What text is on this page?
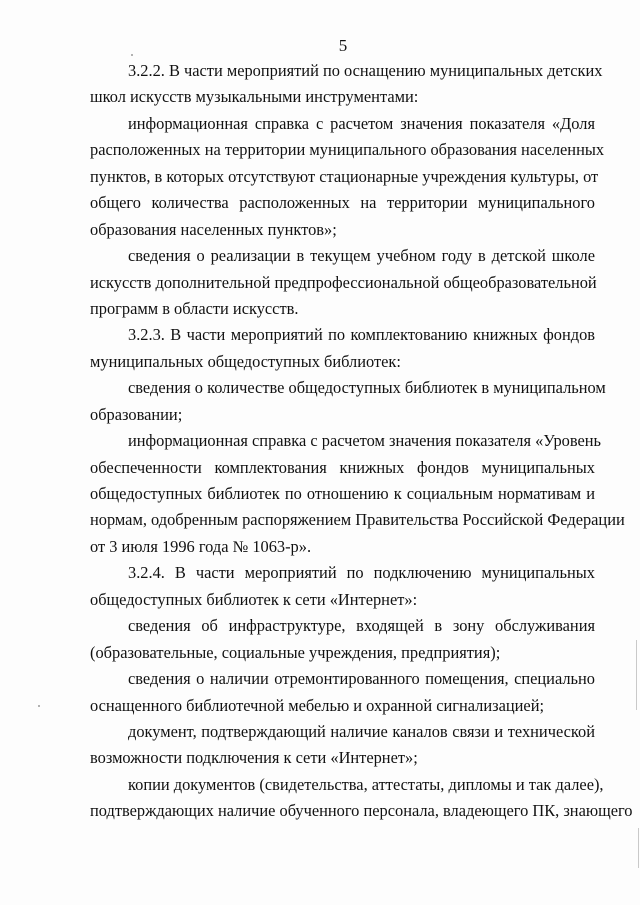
5
3.2.2. В части мероприятий по оснащению муниципальных детских
школ искусств музыкальными инструментами:
информационная справка с расчетом значения показателя «Доля
расположенных на территории муниципального образования населенных
пунктов, в которых отсутствуют стационарные учреждения культуры, от
общего количества расположенных на территории муниципального
образования населенных пунктов»;
сведения о реализации в текущем учебном году в детской школе
искусств дополнительной предпрофессиональной общеобразовательной
программ в области искусств.
3.2.3. В части мероприятий по комплектованию книжных фондов
муниципальных общедоступных библиотек:
сведения о количестве общедоступных библиотек в муниципальном
образовании;
информационная справка с расчетом значения показателя «Уровень
обеспеченности комплектования книжных фондов муниципальных
общедоступных библиотек по отношению к социальным нормативам и
нормам, одобренным распоряжением Правительства Российской Федерации
от 3 июля 1996 года № 1063-р».
3.2.4. В части мероприятий по подключению муниципальных
общедоступных библиотек к сети «Интернет»:
сведения об инфраструктуре, входящей в зону обслуживания
(образовательные, социальные учреждения, предприятия);
сведения о наличии отремонтированного помещения, специально
оснащенного библиотечной мебелью и охранной сигнализацией;
документ, подтверждающий наличие каналов связи и технической
возможности подключения к сети «Интернет»;
копии документов (свидетельства, аттестаты, дипломы и так далее),
подтверждающих наличие обученного персонала, владеющего ПК, знающего
